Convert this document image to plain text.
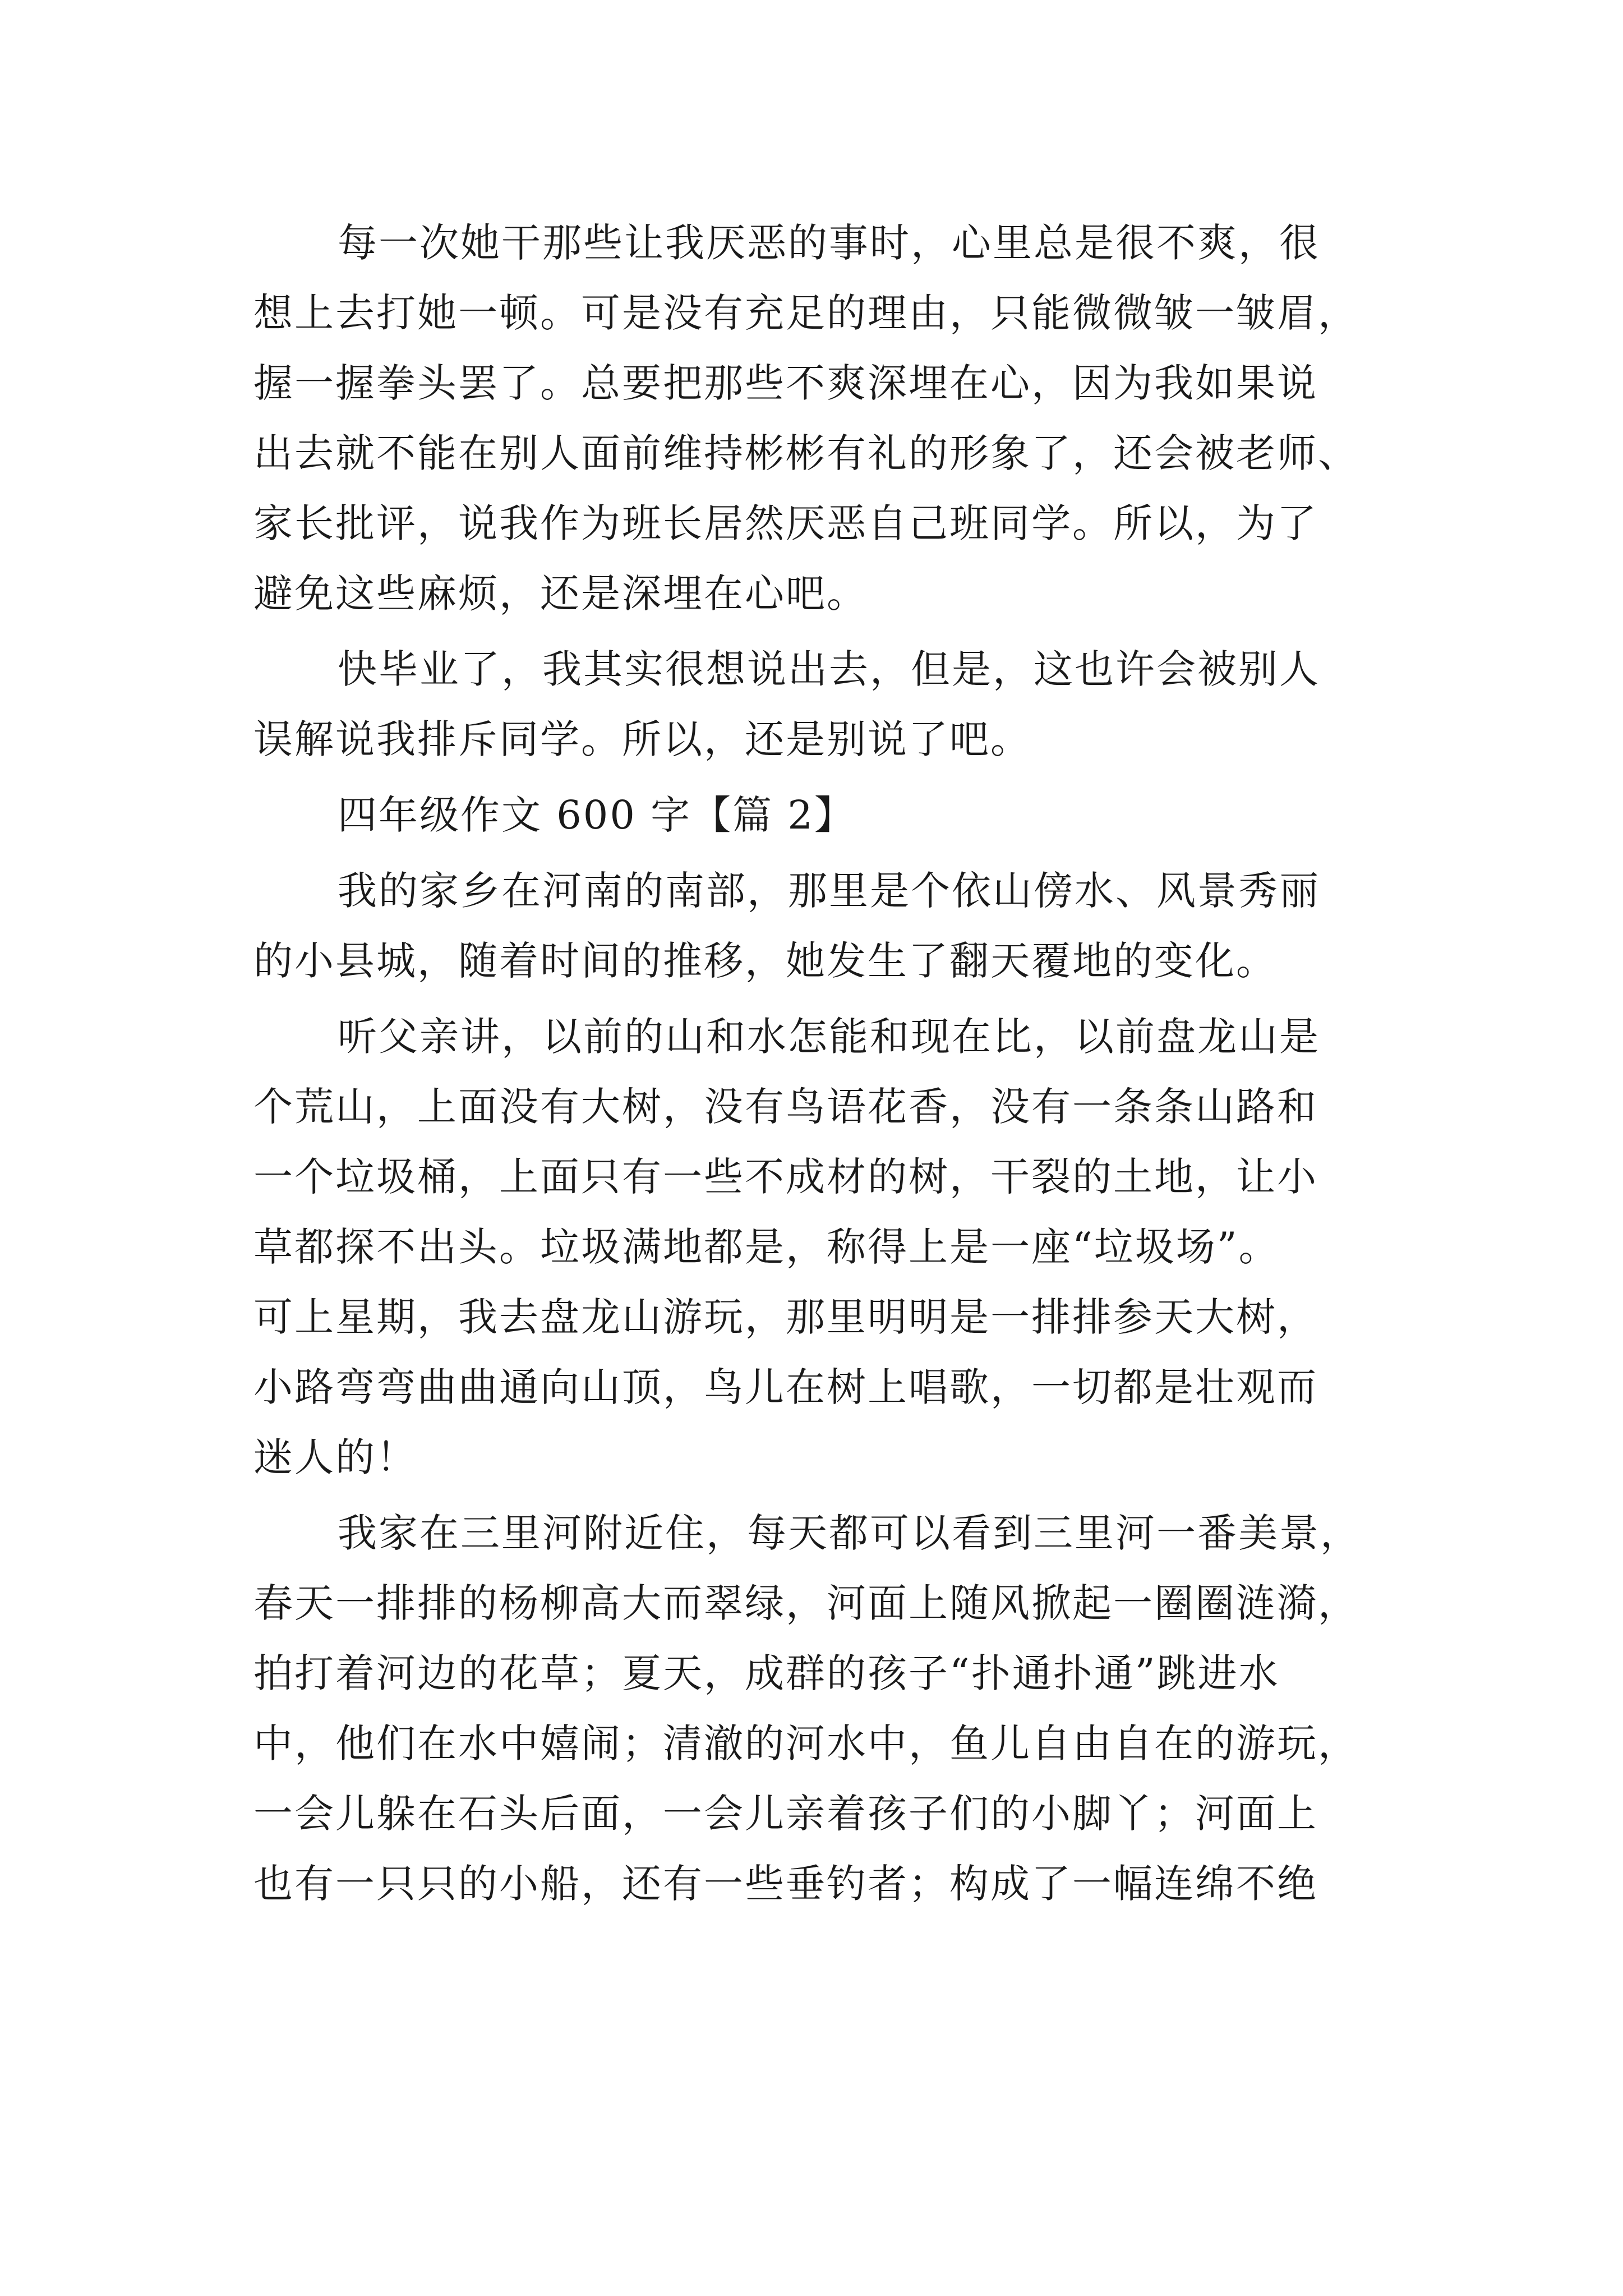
每一次她干那些让我厌恶的事时，心里总是很不爽，很
想上去打她一顿。可是没有充足的理由，只能微微皱一皱眉，
握一握拳头罢了。总要把那些不爽深埋在心，因为我如果说
出去就不能在别人面前维持彬彬有礼的形象了，还会被老师、
家长批评，说我作为班长居然厌恶自己班同学。所以，为了
避免这些麻烦，还是深埋在心吧。
快毕业了，我其实很想说出去，但是，这也许会被别人
误解说我排斥同学。所以，还是别说了吧。
四年级作文 600 字【篇 2】
我的家乡在河南的南部，那里是个依山傍水、风景秀丽
的小县城，随着时间的推移，她发生了翻天覆地的变化。
听父亲讲，以前的山和水怎能和现在比，以前盘龙山是
个荒山，上面没有大树，没有鸟语花香，没有一条条山路和
一个垃圾桶，上面只有一些不成材的树，干裂的土地，让小
草都探不出头。垃圾满地都是，称得上是一座“垃圾场”。
可上星期，我去盘龙山游玩，那里明明是一排排参天大树，
小路弯弯曲曲通向山顶，鸟儿在树上唱歌，一切都是壮观而
迷人的！
我家在三里河附近住，每天都可以看到三里河一番美景，
春天一排排的杨柳高大而翠绿，河面上随风掀起一圈圈涟漪，
拍打着河边的花草；夏天，成群的孩子“扑通扑通”跳进水
中，他们在水中嬉闹；清澈的河水中，鱼儿自由自在的游玩，
一会儿躲在石头后面，一会儿亲着孩子们的小脚丫；河面上
也有一只只的小船，还有一些垂钓者；构成了一幅连绵不绝
